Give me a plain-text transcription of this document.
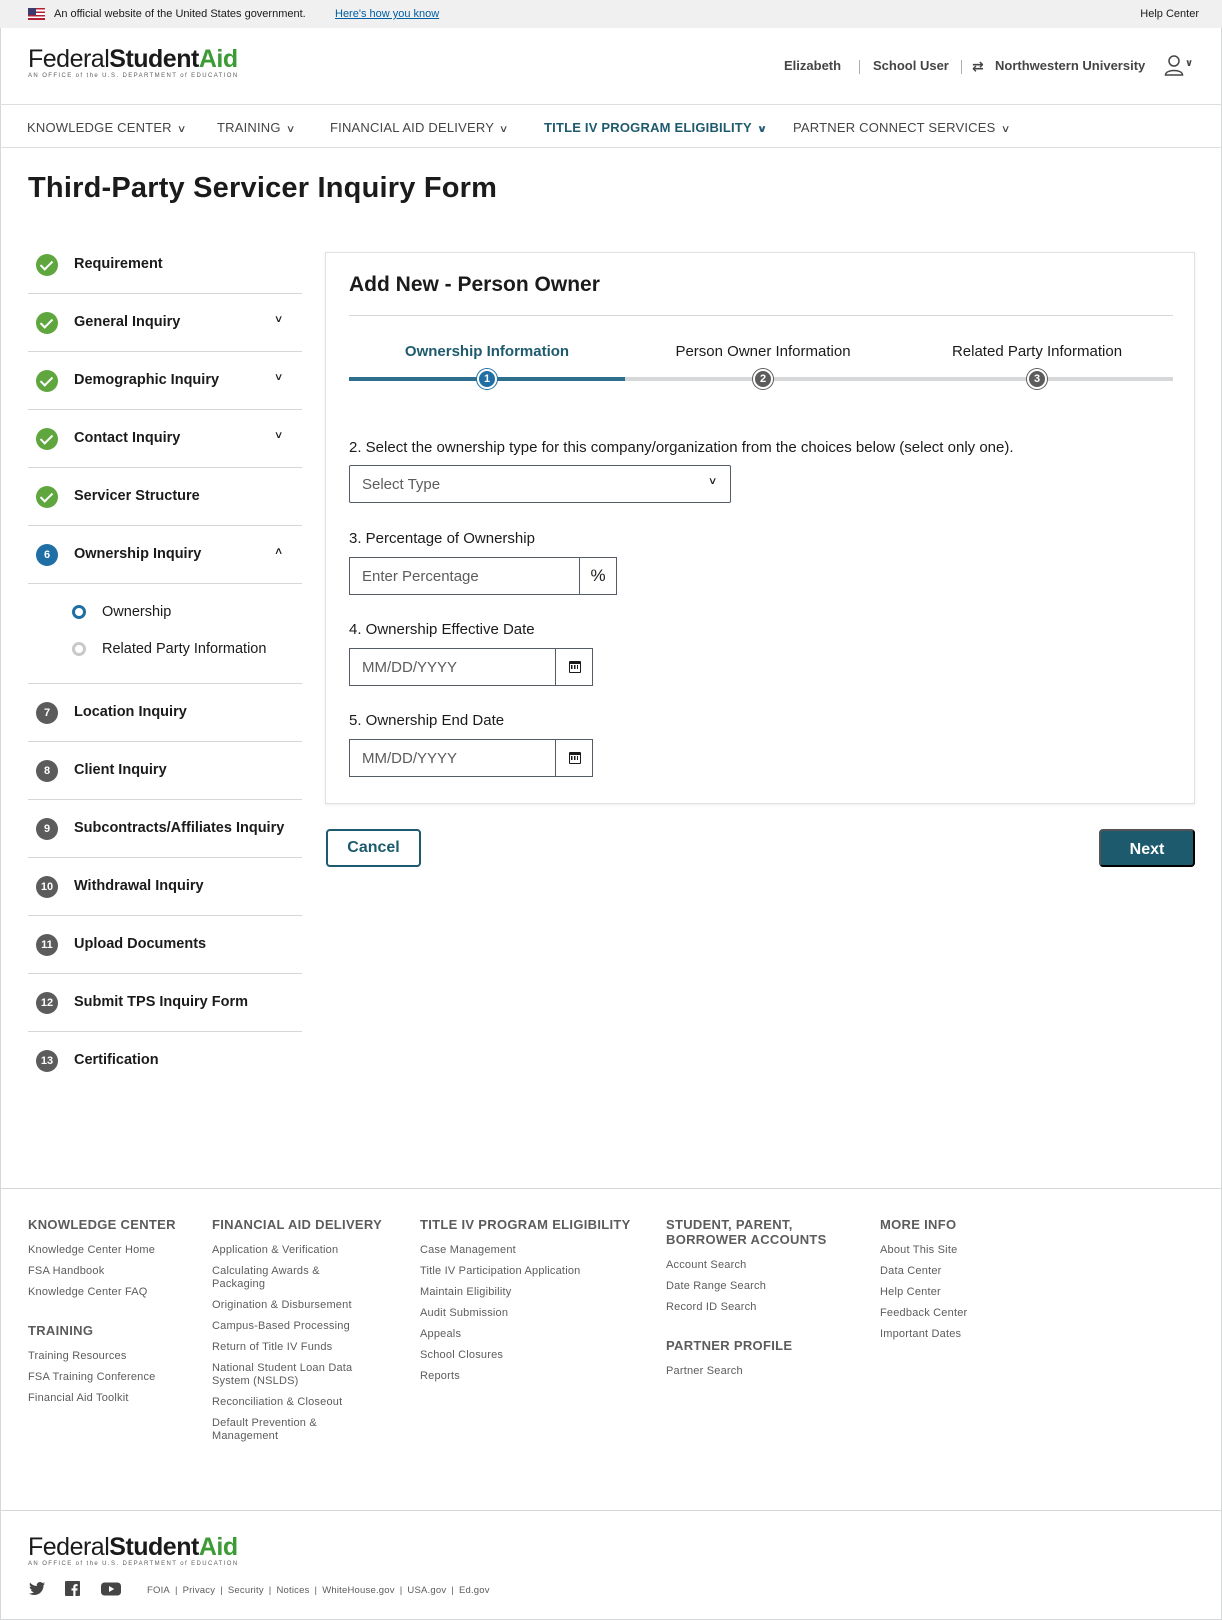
An official website of the United States government.	Here's how you know	Help Center
FederalStudentAid
AN OFFICE of the U.S. DEPARTMENT of EDUCATION
Elizabeth School User ⇄ Northwestern University	∨
KNOWLEDGE CENTER ∨ TRAINING ∨	FINANCIAL AID DELIVERY ∨	TITLE IV PROGRAM ELIGIBILITY ∨ PARTNER CONNECT SERVICES ∨
Third-Party Servicer Inquiry Form
Requirement
General Inquiry	∨
Demographic Inquiry	∨
Contact Inquiry	∨
Servicer Structure
6	Ownership Inquiry	∧
Ownership
Related Party Information
7	Location Inquiry
8	Client Inquiry
9	Subcontracts/Affiliates Inquiry
10	Withdrawal Inquiry
11	Upload Documents
12	Submit TPS Inquiry Form
13	Certification
Add New - Person Owner
Ownership Information	Person Owner Information	Related Party Information
1	2	3
2. Select the ownership type for this company/organization from the choices below (select only one).
Select Type	∨
3. Percentage of Ownership
Enter Percentage	%
4. Ownership Effective Date
MM/DD/YYYY
5. Ownership End Date
MM/DD/YYYY
Cancel	Next
KNOWLEDGE CENTER
Knowledge Center Home
FSA Handbook
Knowledge Center FAQ
TRAINING
Training Resources
FSA Training Conference
Financial Aid Toolkit
FINANCIAL AID DELIVERY
Application & Verification
Calculating Awards & Packaging
Origination & Disbursement
Campus-Based Processing
Return of Title IV Funds
National Student Loan Data System (NSLDS)
Reconciliation & Closeout
Default Prevention & Management
TITLE IV PROGRAM ELIGIBILITY
Case Management
Title IV Participation Application
Maintain Eligibility
Audit Submission
Appeals
School Closures
Reports
STUDENT, PARENT, BORROWER ACCOUNTS
Account Search
Date Range Search
Record ID Search
PARTNER PROFILE
Partner Search
MORE INFO
About This Site
Data Center
Help Center
Feedback Center
Important Dates
FederalStudentAid
AN OFFICE of the U.S. DEPARTMENT of EDUCATION
FOIA | Privacy | Security | Notices | WhiteHouse.gov | USA.gov | Ed.gov
